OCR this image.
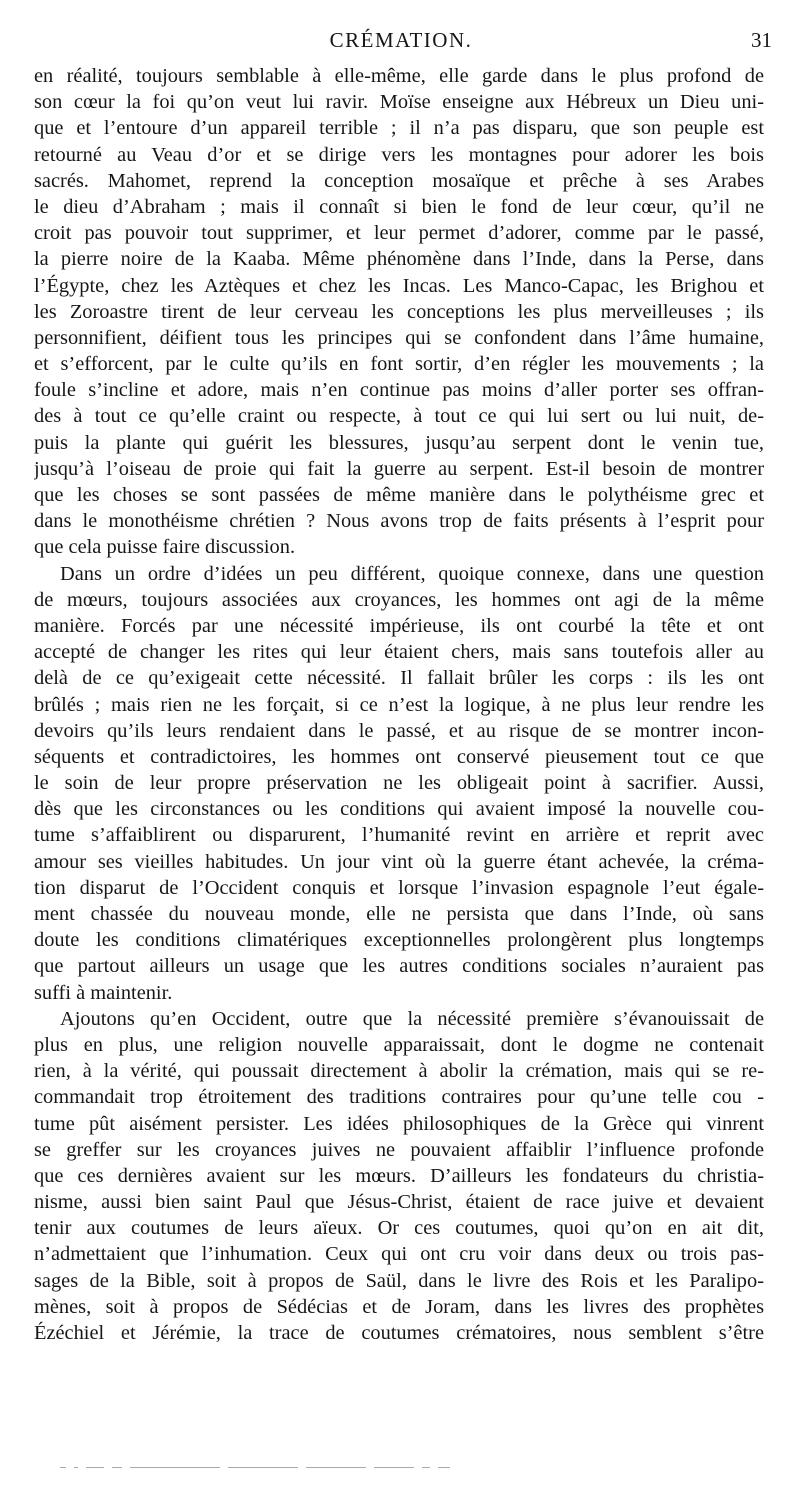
CRÉMATION.	31
en réalité, toujours semblable à elle-même, elle garde dans le plus profond de
son cœur la foi qu’on veut lui ravir. Moïse enseigne aux Hébreux un Dieu uni-
que et l’entoure d’un appareil terrible ; il n’a pas disparu, que son peuple est
retourné au Veau d’or et se dirige vers les montagnes pour adorer les bois
sacrés. Mahomet, reprend la conception mosaïque et prêche à ses Arabes
le dieu d’Abraham ; mais il connaît si bien le fond de leur cœur, qu’il ne
croit pas pouvoir tout supprimer, et leur permet d’adorer, comme par le passé,
la pierre noire de la Kaaba. Même phénomène dans l’Inde, dans la Perse, dans
l’Égypte, chez les Aztèques et chez les Incas. Les Manco-Capac, les Brighou et
les Zoroastre tirent de leur cerveau les conceptions les plus merveilleuses ; ils
personnifient, déifient tous les principes qui se confondent dans l’âme humaine,
et s’efforcent, par le culte qu’ils en font sortir, d’en régler les mouvements ; la
foule s’incline et adore, mais n’en continue pas moins d’aller porter ses offran-
des à tout ce qu’elle craint ou respecte, à tout ce qui lui sert ou lui nuit, de-
puis la plante qui guérit les blessures, jusqu’au serpent dont le venin tue,
jusqu’à l’oiseau de proie qui fait la guerre au serpent. Est-il besoin de montrer
que les choses se sont passées de même manière dans le polythéisme grec et
dans le monothéisme chrétien ? Nous avons trop de faits présents à l’esprit pour
que cela puisse faire discussion.
Dans un ordre d’idées un peu différent, quoique connexe, dans une question
de mœurs, toujours associées aux croyances, les hommes ont agi de la même
manière. Forcés par une nécessité impérieuse, ils ont courbé la tête et ont
accepté de changer les rites qui leur étaient chers, mais sans toutefois aller au
delà de ce qu’exigeait cette nécessité. Il fallait brûler les corps : ils les ont
brûlés ; mais rien ne les forçait, si ce n’est la logique, à ne plus leur rendre les
devoirs qu’ils leurs rendaient dans le passé, et au risque de se montrer incon-
séquents et contradictoires, les hommes ont conservé pieusement tout ce que
le soin de leur propre préservation ne les obligeait point à sacrifier. Aussi,
dès que les circonstances ou les conditions qui avaient imposé la nouvelle cou-
tume s’affaiblirent ou disparurent, l’humanité revint en arrière et reprit avec
amour ses vieilles habitudes. Un jour vint où la guerre étant achevée, la créma-
tion disparut de l’Occident conquis et lorsque l’invasion espagnole l’eut égale-
ment chassée du nouveau monde, elle ne persista que dans l’Inde, où sans
doute les conditions climatériques exceptionnelles prolongèrent plus longtemps
que partout ailleurs un usage que les autres conditions sociales n’auraient pas
suffi à maintenir.
Ajoutons qu’en Occident, outre que la nécessité première s’évanouissait de
plus en plus, une religion nouvelle apparaissait, dont le dogme ne contenait
rien, à la vérité, qui poussait directement à abolir la crémation, mais qui se re-
commandait trop étroitement des traditions contraires pour qu’une telle cou -
tume pût aisément persister. Les idées philosophiques de la Grèce qui vinrent
se greffer sur les croyances juives ne pouvaient affaiblir l’influence profonde
que ces dernières avaient sur les mœurs. D’ailleurs les fondateurs du christia-
nisme, aussi bien saint Paul que Jésus-Christ, étaient de race juive et devaient
tenir aux coutumes de leurs aïeux. Or ces coutumes, quoi qu’on en ait dit,
n’admettaient que l’inhumation. Ceux qui ont cru voir dans deux ou trois pas-
sages de la Bible, soit à propos de Saül, dans le livre des Rois et les Paralipo-
mènes, soit à propos de Sédécias et de Joram, dans les livres des prophètes
Ézéchiel et Jérémie, la trace de coutumes crématoires, nous semblent s’être
